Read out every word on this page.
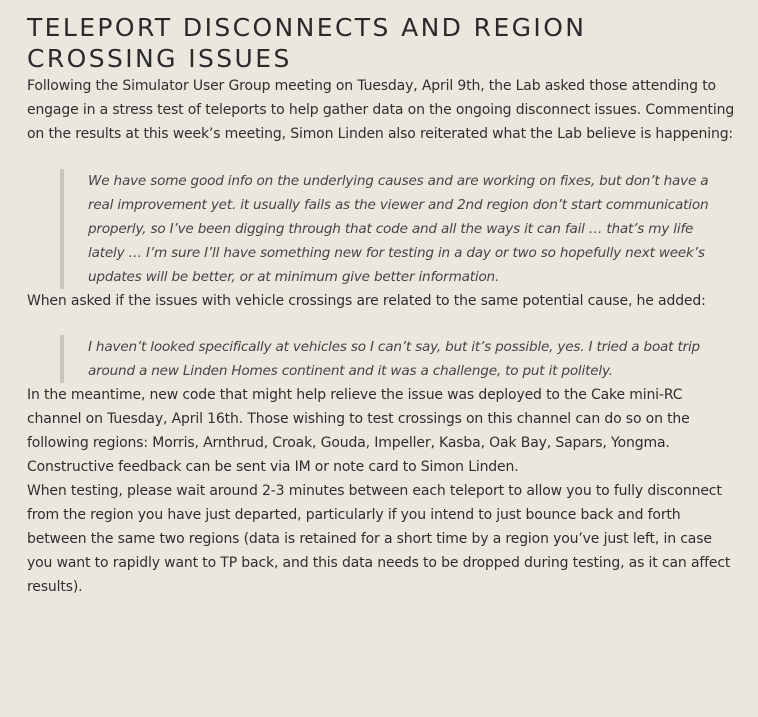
TELEPORT DISCONNECTS AND REGION CROSSING ISSUES

Following the Simulator User Group meeting on Tuesday, April 9th, the Lab asked those attending to engage in a stress test of teleports to help gather data on the ongoing disconnect issues. Commenting on the results at this week’s meeting, Simon Linden also reiterated what the Lab believe is happening:

We have some good info on the underlying causes and are working on fixes, but don’t have a real improvement yet. it usually fails as the viewer and 2nd region don’t start communication properly, so I’ve been digging through that code and all the ways it can fail … that’s my life lately … I’m sure I’ll have something new for testing in a day or two so hopefully next week’s updates will be better, or at minimum give better information.

When asked if the issues with vehicle crossings are related to the same potential cause, he added:

I haven’t looked specifically at vehicles so I can’t say, but it’s possible, yes. I tried a boat trip around a new Linden Homes continent and it was a challenge, to put it politely.

In the meantime, new code that might help relieve the issue was deployed to the Cake mini-RC channel on Tuesday, April 16th. Those wishing to test crossings on this channel can do so on the following regions: Morris, Arnthrud, Croak, Gouda, Impeller, Kasba, Oak Bay, Sapars, Yongma. Constructive feedback can be sent via IM or note card to Simon Linden.

When testing, please wait around 2-3 minutes between each teleport to allow you to fully disconnect from the region you have just departed, particularly if you intend to just bounce back and forth between the same two regions (data is retained for a short time by a region you’ve just left, in case you want to rapidly want to TP back, and this data needs to be dropped during testing, as it can affect results).
